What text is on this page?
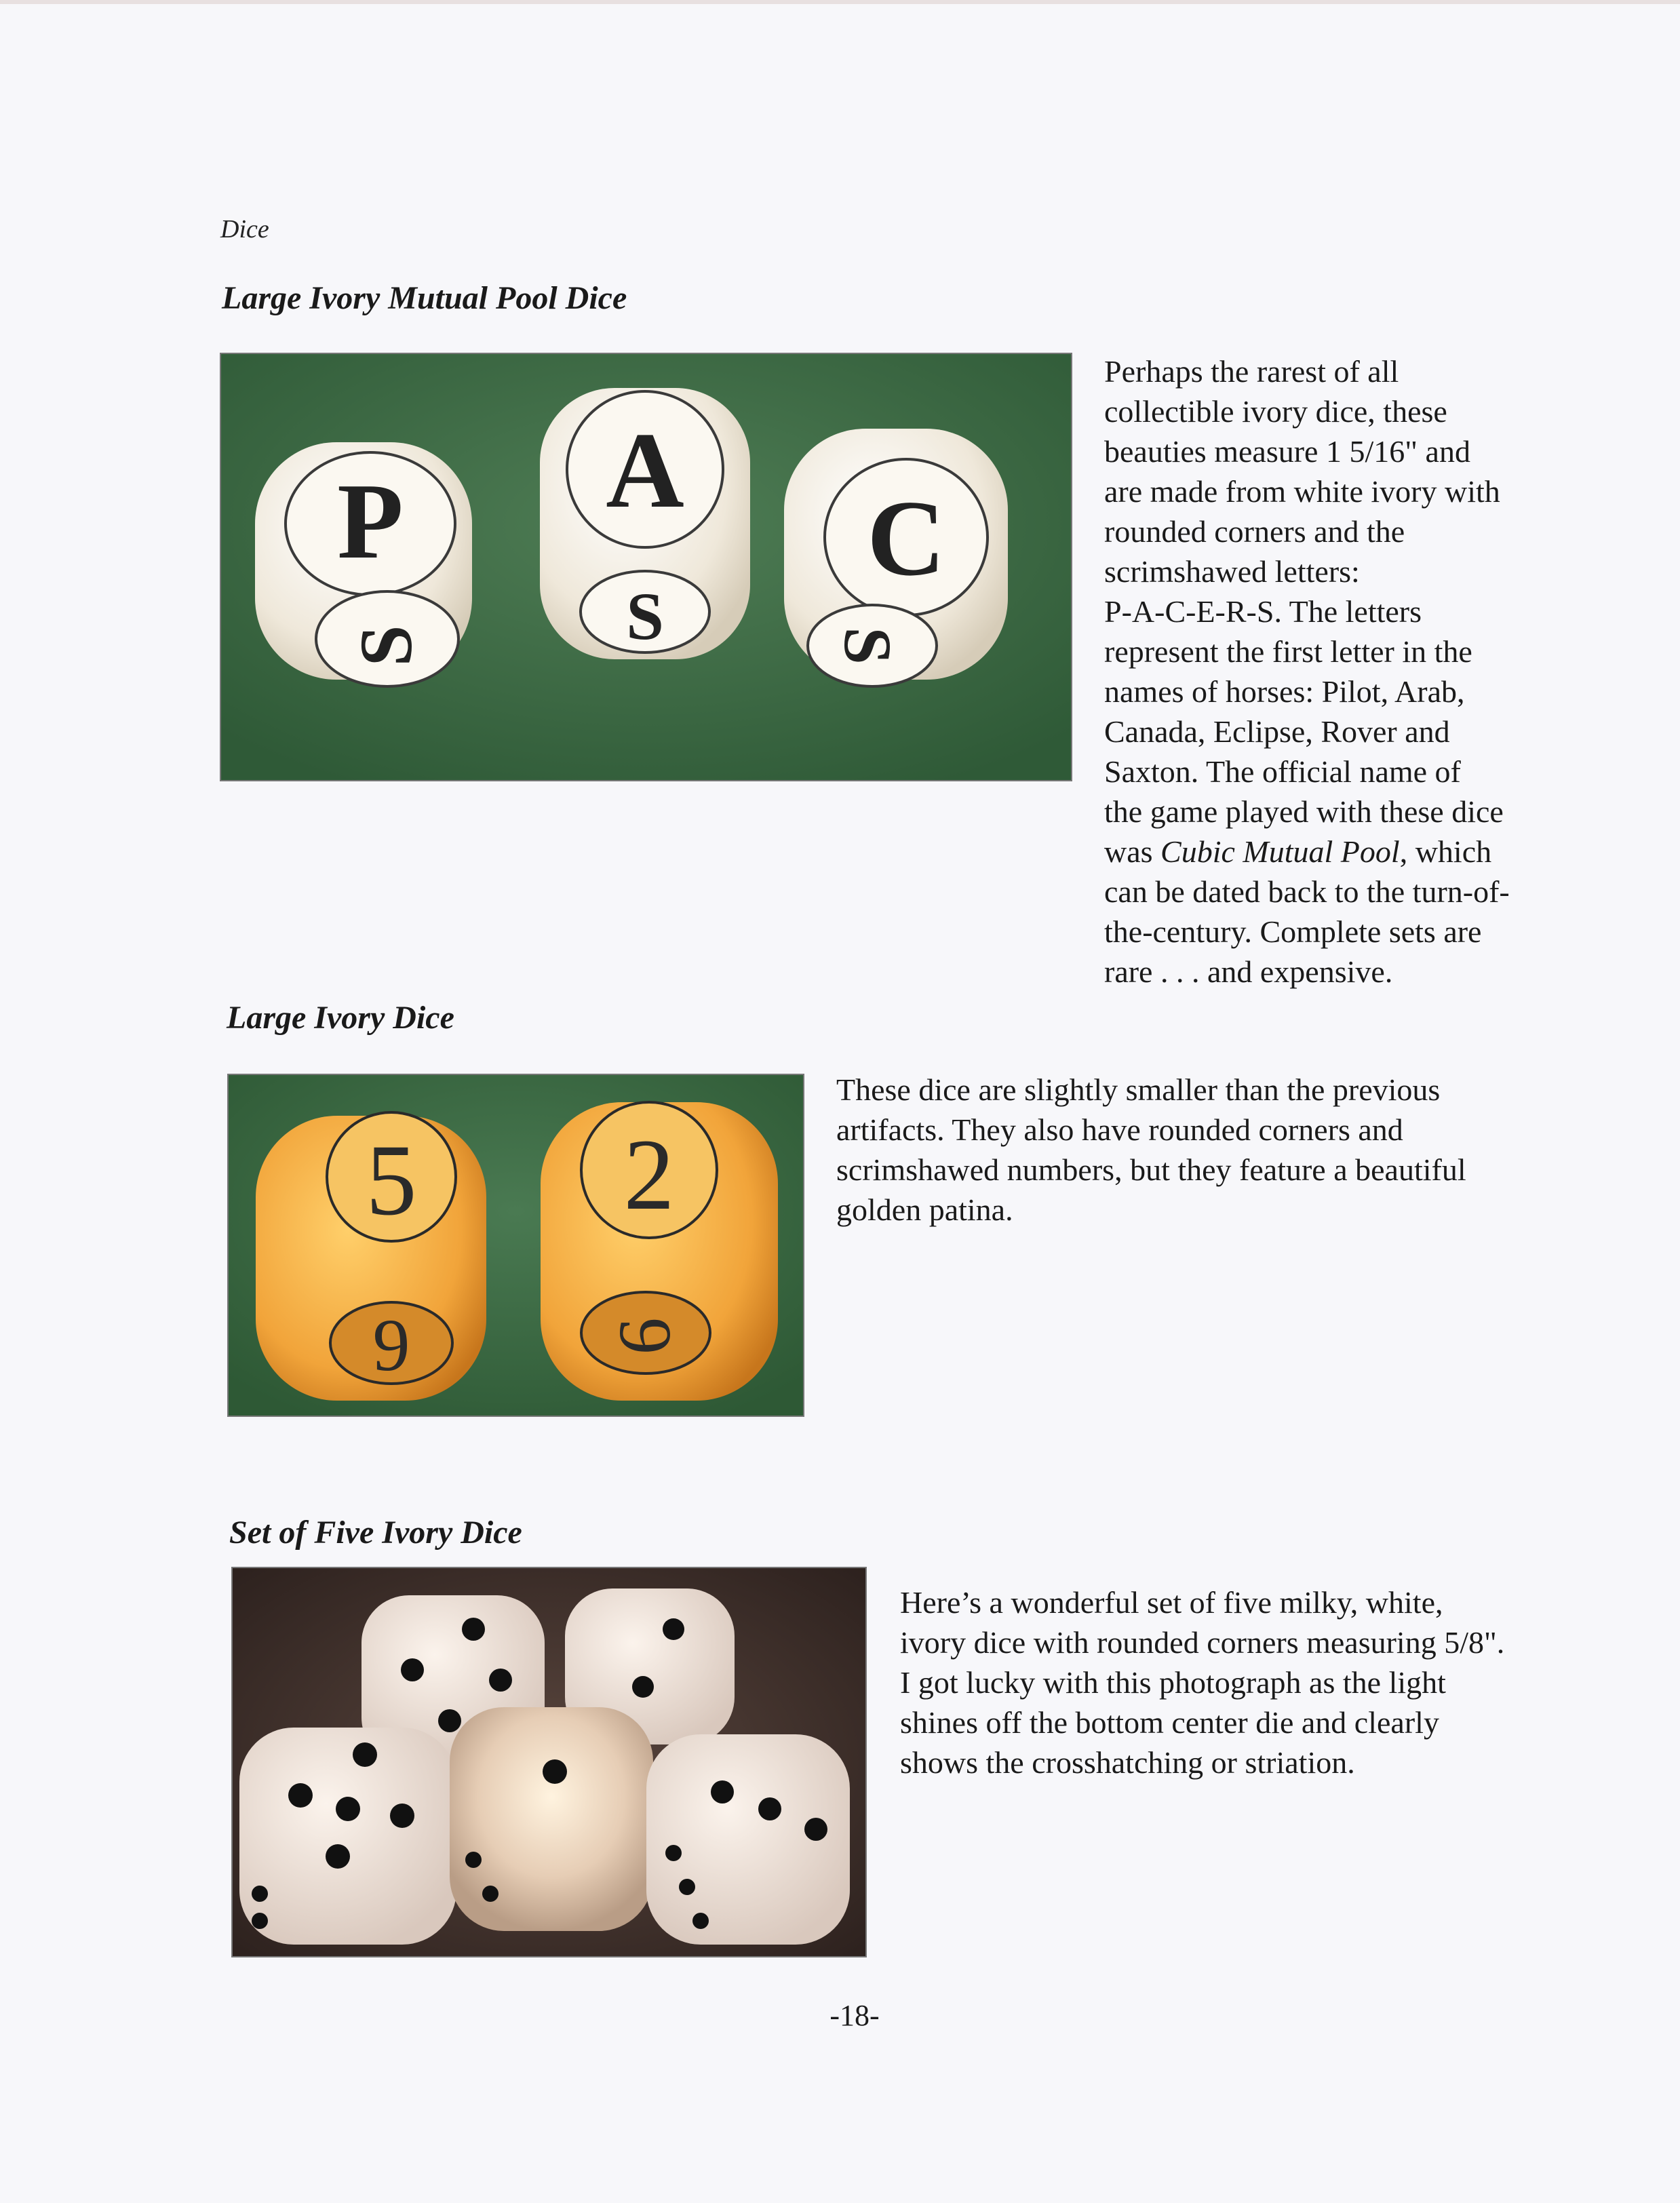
Dice
Large Ivory Mutual Pool Dice
P
S
A
S
C
S
Perhaps the rarest of all
collectible ivory dice, these
beauties measure 1 5/16" and
are made from white ivory with
rounded corners and the
scrimshawed letters:
P-A-C-E-R-S. The letters
represent the first letter in the
names of horses: Pilot, Arab,
Canada, Eclipse, Rover and
Saxton. The official name of
the game played with these dice
was Cubic Mutual Pool, which
can be dated back to the turn-of-
the-century. Complete sets are
rare . . . and expensive.
Large Ivory Dice
5
9
2
6
These dice are slightly smaller than the previous
artifacts. They also have rounded corners and
scrimshawed numbers, but they feature a beautiful
golden patina.
Set of Five Ivory Dice
Here’s a wonderful set of five milky, white,
ivory dice with rounded corners measuring 5/8".
I got lucky with this photograph as the light
shines off the bottom center die and clearly
shows the crosshatching or striation.
-18-
